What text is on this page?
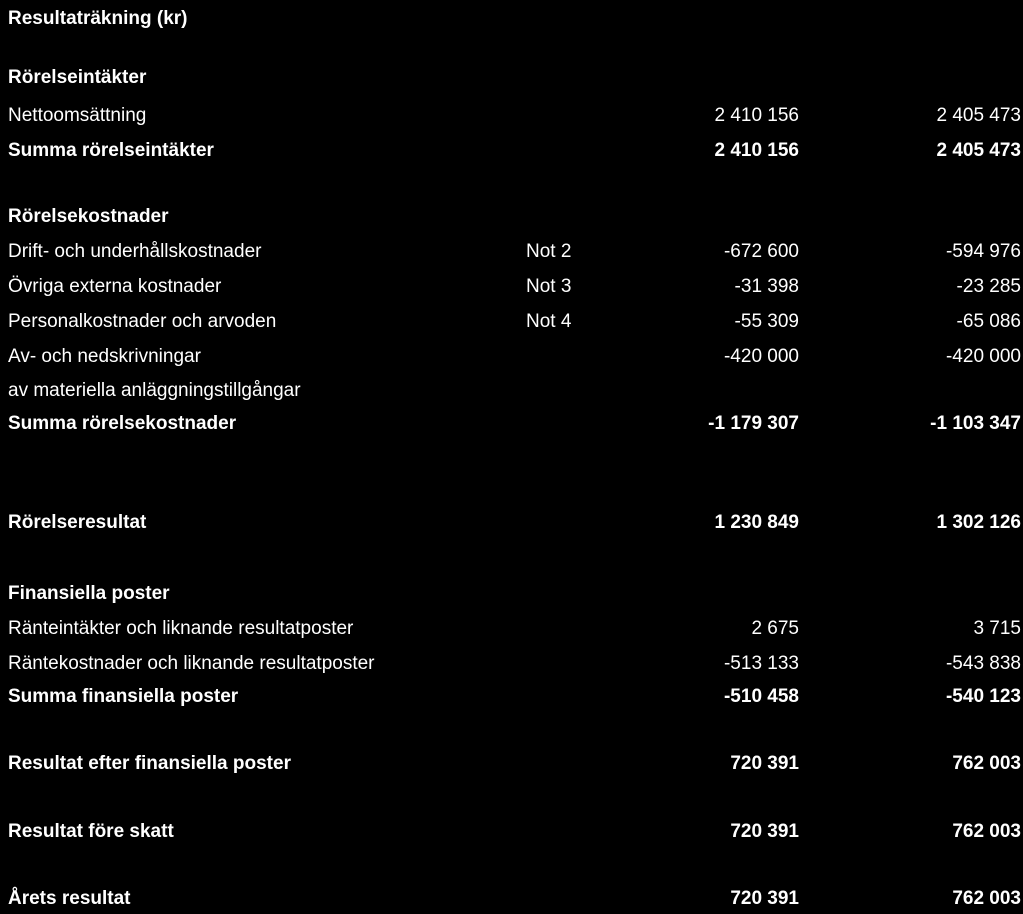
Resultaträkning (kr)
Rörelseintäkter
Nettoomsättning	2 410 156	2 405 473
Summa rörelseintäkter	2 410 156	2 405 473
Rörelsekostnader
Drift- och underhållskostnader	Not 2	-672 600	-594 976
Övriga externa kostnader	Not 3	-31 398	-23 285
Personalkostnader och arvoden	Not 4	-55 309	-65 086
Av- och nedskrivningar	-420 000	-420 000
av materiella anläggningstillgångar
Summa rörelsekostnader	-1 179 307	-1 103 347
Rörelseresultat	1 230 849	1 302 126
Finansiella poster
Ränteintäkter och liknande resultatposter	2 675	3 715
Räntekostnader och liknande resultatposter	-513 133	-543 838
Summa finansiella poster	-510 458	-540 123
Resultat efter finansiella poster	720 391	762 003
Resultat före skatt	720 391	762 003
Årets resultat	720 391	762 003
